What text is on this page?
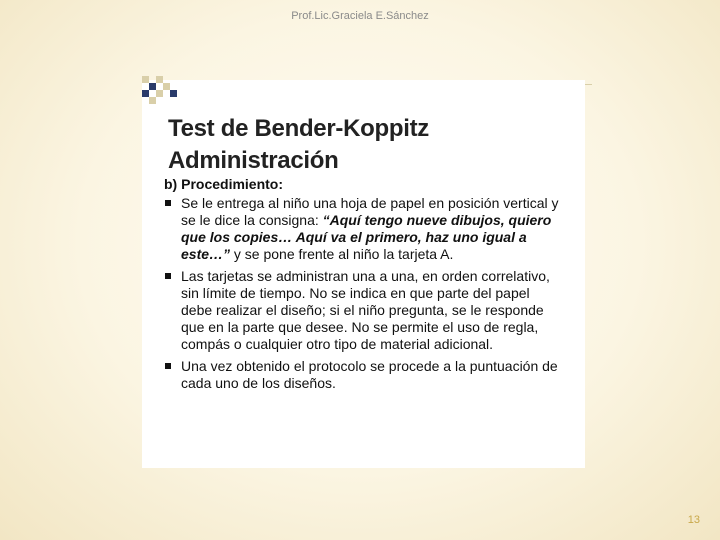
Prof.Lic.Graciela E.Sánchez
Test de Bender-Koppitz
Administración
b) Procedimiento:
Se le entrega al niño una hoja de papel en posición vertical y se le dice la consigna: “Aquí tengo nueve dibujos, quiero que los copies… Aquí va el primero, haz uno igual a este…” y se pone frente al niño la tarjeta A.
Las tarjetas se administran una a una, en orden correlativo, sin límite de tiempo. No se indica en que parte del papel debe realizar el diseño; si el niño pregunta, se le responde que en la parte que desee. No se permite el uso de regla, compás o cualquier otro tipo de material adicional.
Una vez obtenido el protocolo se procede a la puntuación de cada uno de los diseños.
13
